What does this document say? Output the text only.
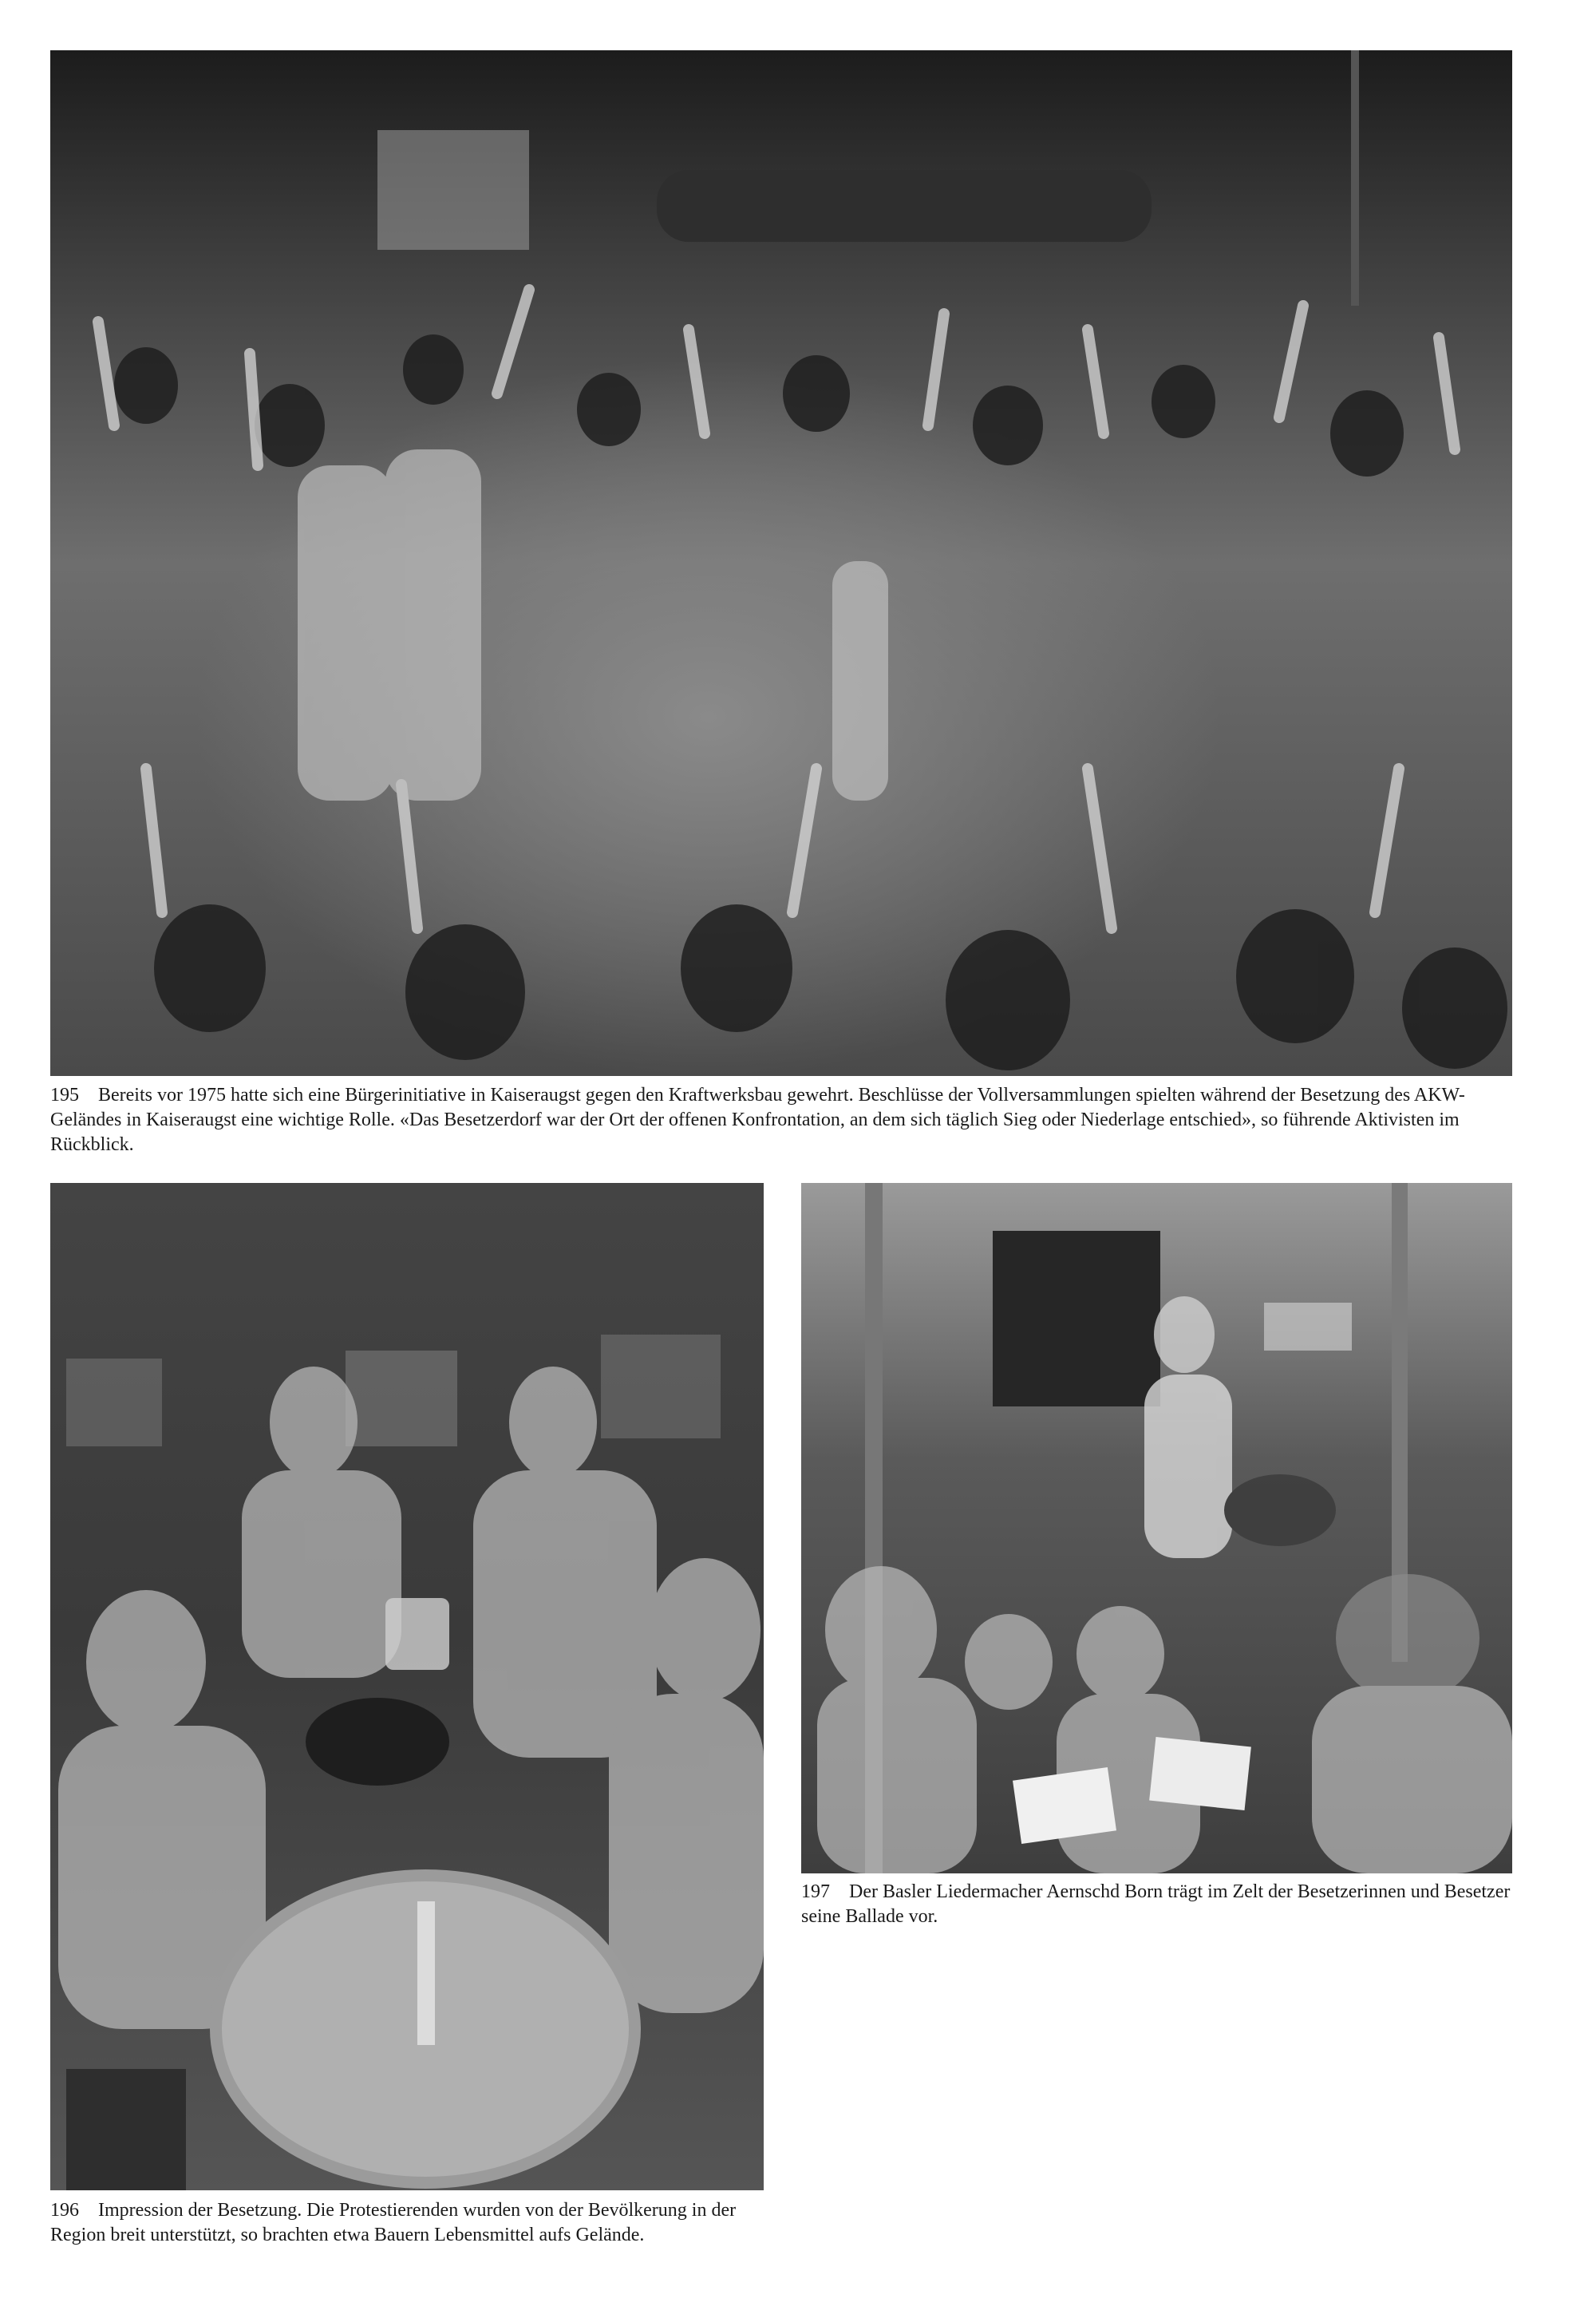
195 Bereits vor 1975 hatte sich eine Bürgerinitiative in Kaiseraugst gegen den Kraftwerksbau gewehrt. Beschlüsse der Vollversammlungen spielten während der Besetzung des AKW-Geländes in Kaiseraugst eine wichtige Rolle. «Das Besetzerdorf war der Ort der offenen Konfrontation, an dem sich täglich Sieg oder Niederlage entschied», so führende Aktivisten im Rückblick.
196 Impression der Besetzung. Die Protestierenden wurden von der Bevölkerung in der Region breit unterstützt, so brachten etwa Bauern Lebensmittel aufs Gelände.
197 Der Basler Liedermacher Aernschd Born trägt im Zelt der Besetzerinnen und Besetzer seine Ballade vor.
